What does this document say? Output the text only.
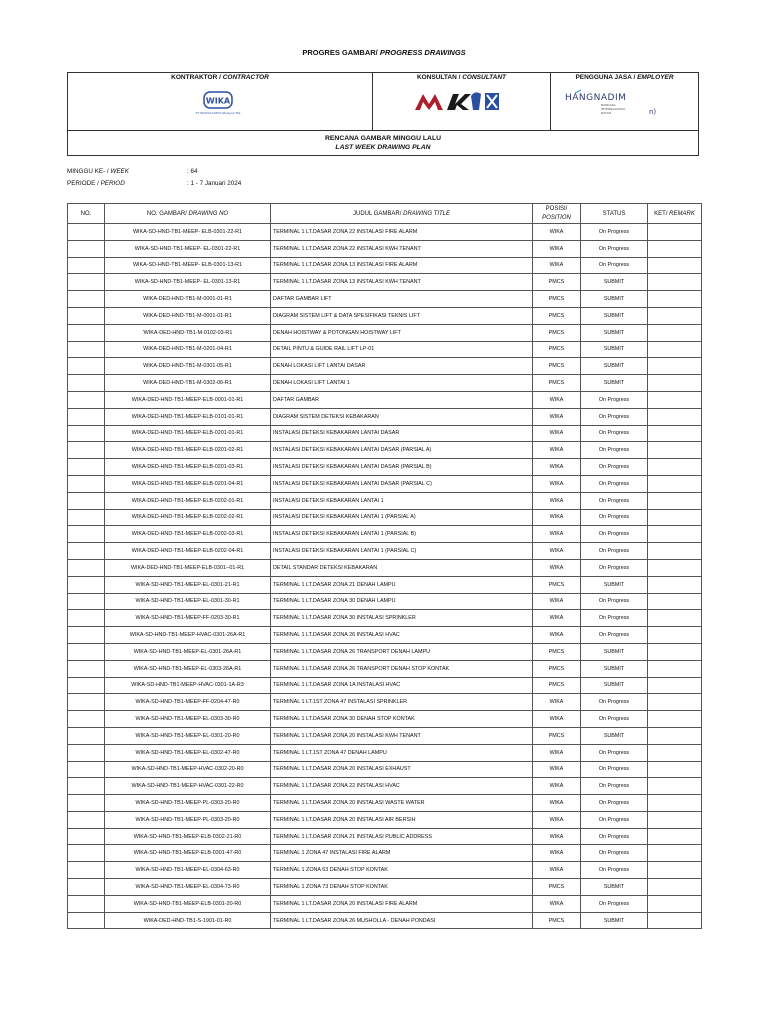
PROGRES GAMBAR/ PROGRESS DRAWINGS
KONTRAKTOR / CONTRACTOR
WIKA
PT WIJAYA KARYA (Persero) Tbk
KONSULTAN / CONSULTANT	PENGGUNA JASA / EMPLOYER
HANGNADIM
BANDARA
INTERNASIONAL
BATAM	n)
RENCANA GAMBAR MINGGU LALU
LAST WEEK DRAWING PLAN
MINGGU KE- / WEEK	: 64
PERIODE / PERIOD	: 1 - 7 Januari 2024
NO.	NO. GAMBAR/ DRAWING NO	JUDUL GAMBAR/ DRAWING TITLE	POSISI/
POSITION	STATUS	KET/ REMARK
	WIKA-SD-HND-TB1-MEEP- ELB-0301-22-R1	TERMINAL 1 LT.DASAR ZONA 22 INSTALASI FIRE ALARM	WIKA	On Progress	
	WIKA-SD-HND-TB1-MEEP- EL-0301-22-R1	TERMINAL 1 LT.DASAR ZONA 22 INSTALASI KWH TENANT	WIKA	On Progress	
	WIKA-SD-HND-TB1-MEEP- ELB-0301-13-R1	TERMINAL 1 LT.DASAR ZONA 13 INSTALASI FIRE ALARM	WIKA	On Progress	
	WIKA-SD-HND-TB1-MEEP- EL-0301-13-R1	TERMINAL 1 LT.DASAR ZONA 13 INSTALASI KWH TENANT	PMCS	SUBMIT	
	WIKA-DED-HND-TB1-M-0001-01-R1	DAFTAR GAMBAR LIFT	PMCS	SUBMIT	
	WIKA-DED-HND-TB1-M-0001-01-R1	DIAGRAM SISTEM LIFT & DATA SPESIFIKASI TEKNIS LIFT	PMCS	SUBMIT	
	'WIKA-DED-HND-TB1-M-0102-03-R1	DENAH HOISTWAY & POTONGAN HOISTWAY LIFT	PMCS	SUBMIT	
	WIKA-DED-HND-TB1-M-0201-04-R1	DETAIL PINTU & GUIDE RAIL LIFT LP-01	PMCS	SUBMIT	
	WIKA-DED-HND-TB1-M-0301-05-R1	DENAH LOKASI LIFT LANTAI DASAR	PMCS	SUBMIT	
	WIKA-DED-HND-TB1-M-0302-06-R1	DENAH LOKASI LIFT LANTAI 1	PMCS	SUBMIT	
	WIKA-DED-HND-TB1-MEEP-ELB-0001-01-R1	DAFTAR GAMBAR	WIKA	On Progress	
	WIKA-DED-HND-TB1-MEEP-ELB-0101-01-R1	DIAGRAM SISTEM DETEKSI KEBAKARAN	WIKA	On Progress	
	WIKA-DED-HND-TB1-MEEP-ELB-0201-01-R1	INSTALASI DETEKSI KEBAKARAN LANTAI DASAR	WIKA	On Progress	
	WIKA-DED-HND-TB1-MEEP-ELB-0201-02-R1	INSTALASI DETEKSI KEBAKARAN LANTAI DASAR (PARSIAL A)	WIKA	On Progress	
	WIKA-DED-HND-TB1-MEEP-ELB-0201-03-R1	INSTALASI DETEKSI KEBAKARAN LANTAI DASAR (PARSIAL B)	WIKA	On Progress	
	WIKA-DED-HND-TB1-MEEP-ELB-0201-04-R1	INSTALASI DETEKSI KEBAKARAN LANTAI DASAR (PARSIAL C)	WIKA	On Progress	
	WIKA-DED-HND-TB1-MEEP-ELB-0202-01-R1	INSTALASI DETEKSI KEBAKARAN LANTAI 1	WIKA	On Progress	
	WIKA-DED-HND-TB1-MEEP-ELB-0202-02-R1	INSTALASI DETEKSI KEBAKARAN LANTAI 1 (PARSIAL A)	WIKA	On Progress	
	WIKA-DED-HND-TB1-MEEP-ELB-0202-03-R1	INSTALASI DETEKSI KEBAKARAN LANTAI 1 (PARSIAL B)	WIKA	On Progress	
	WIKA-DED-HND-TB1-MEEP-ELB-0202-04-R1	INSTALASI DETEKSI KEBAKARAN LANTAI 1 (PARSIAL C)	WIKA	On Progress	
	WIKA-DED-HND-TB1-MEEP-ELB-0301--01-R1	DETAIL STANDAR DETEKSI KEBAKARAN	WIKA	On Progress	
	WIKA-SD-HND-TB1-MEEP-EL-0301-21-R1	TERMINAL 1 LT.DASAR ZONA 21 DENAH LAMPU	PMCS	SUBMIT	
	WIKA-SD-HND-TB1-MEEP-EL-0301-30-R1	TERMINAL 1 LT.DASAR ZONA 30 DENAH LAMPU	WIKA	On Progress	
	WIKA-SD-HND-TB1-MEEP-FF-0203-30-R1	TERMINAL 1 LT.DASAR ZONA 30 INSTALASI SPRINKLER	WIKA	On Progress	
	WIKA-SD-HND-TB1-MEEP-HVAC-0301-26A-R1	TERMINAL 1 LT.DASAR ZONA 26 INSTALASI HVAC	WIKA	On Progress	
	WIKA-SD-HND-TB1-MEEP-EL-0301-26A-R1	TERMINAL 1 LT.DASAR ZONA 26 TRANSPORT DENAH LAMPU	PMCS	SUBMIT	
	WIKA-SD-HND-TB1-MEEP-EL-0303-26A-R1	TERMINAL 1 LT.DASAR ZONA 26 TRANSPORT DENAH STOP KONTAK	PMCS	SUBMIT	
	WIKA-SD-HND-TB1-MEEP-HVAC-0301-1A-R3	TERMINAL 1 LT.DASAR ZONA 1A INSTALASI HVAC	PMCS	SUBMIT	
	WIKA-SD-HND-TB1-MEEP-FF-0204-47-R0	TERMINAL 1 LT.1ST ZONA 47 INSTALASI SPRINKLER	WIKA	On Progress	
	WIKA-SD-HND-TB1-MEEP-EL-0303-30-R0	TERMINAL 1 LT.DASAR ZONA 30 DENAH STOP KONTAK	WIKA	On Progress	
	WIKA-SD-HND-TB1-MEEP-EL-0301-20-R0	TERMINAL 1 LT.DASAR ZONA 20 INSTALASI KWH TENANT	PMCS	SUBMIT	
	WIKA-SD-HND-TB1-MEEP-EL-0302-47-R0	TERMINAL 1 LT.1ST ZONA 47 DENAH LAMPU	WIKA	On Progress	
	WIKA-SD-HND-TB1-MEEP-HVAC-0302-20-R0	TERMINAL 1 LT.DASAR ZONA 20 INSTALASI EXHAUST	WIKA	On Progress	
	WIKA-SD-HND-TB1-MEEP-HVAC-0301-22-R0	TERMINAL 1 LT.DASAR ZONA 22 INSTALASI HVAC	WIKA	On Progress	
	WIKA-SD-HND-TB1-MEEP-PL-0303-20-R0	TERMINAL 1 LT.DASAR ZONA 20 INSTALASI WASTE WATER	WIKA	On Progress	
	WIKA-SD-HND-TB1-MEEP-PL-0303-20-R0	TERMINAL 1 LT.DASAR ZONA 20 INSTALASI AIR BERSIH	WIKA	On Progress	
	WIKA-SD-HND-TB1-MEEP-ELB-0302-21-R0	TERMINAL 1 LT.DASAR ZONA 21 INSTALASI PUBLIC ADDRESS	WIKA	On Progress	
	WIKA-SD-HND-TB1-MEEP-ELB-0301-47-R0	TERMINAL 1 ZONA 47 INSTALASI FIRE ALARM	WIKA	On Progress	
	WIKA-SD-HND-TB1-MEEP-EL-0304-63-R0	TERMINAL 1 ZONA 63 DENAH STOP KONTAK	WIKA	On Progress	
	WIKA-SD-HND-TB1-MEEP-EL-0304-73-R0	TERMINAL 1 ZONA 73 DENAH STOP KONTAK	PMCS	SUBMIT	
	WIKA-SD-HND-TB1-MEEP-ELB-0301-20-R0	TERMINAL 1 LT.DASAR ZONA 20 INSTALASI FIRE ALARM	WIKA	On Progress	
	WIKA-DED-HND-TB1-S-1901-01-R0	TERMINAL 1 LT.DASAR ZONA 26 MUSHOLLA - DENAH PONDASI	PMCS	SUBMIT	
